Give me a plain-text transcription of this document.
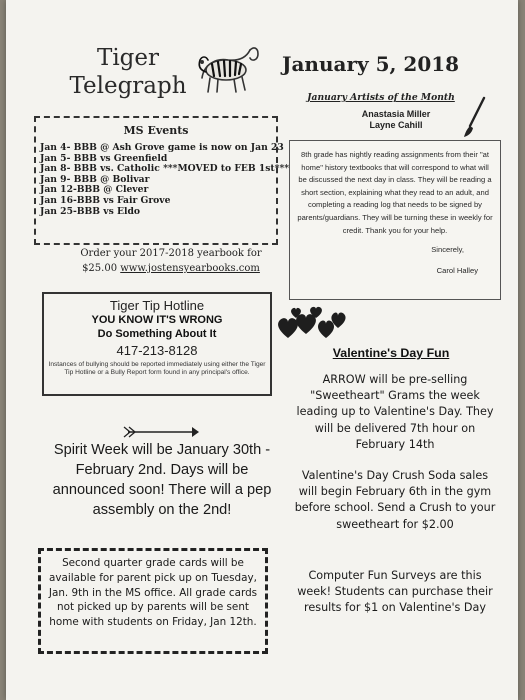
Tiger
Telegraph
January 5, 2018
January Artists of the Month
Anastasia Miller
Layne Cahill
MS Events
Jan 4- BBB @ Ash Grove game is now on Jan 23
Jan 5- BBB vs Greenfield
Jan 8- BBB vs. Catholic ***MOVED to FEB 1st***
Jan 9- BBB @ Bolivar
Jan 12-BBB @ Clever
Jan 16-BBB vs Fair Grove
Jan 25-BBB vs Eldo
Order your 2017-2018 yearbook for
$25.00 www.jostensyearbooks.com
Tiger Tip Hotline
YOU KNOW IT'S WRONG
Do Something About It
417-213-8128
Instances of bullying should be reported immediately using either the Tiger Tip Hotline or a Bully Report form found in any principal's office.
Spirit Week will be January 30th - February 2nd. Days will be announced soon! There will a pep assembly on the 2nd!
Second quarter grade cards will be available for parent pick up on Tuesday, Jan. 9th in the MS office. All grade cards not picked up by parents will be sent home with students on Friday, Jan 12th.
8th grade has nightly reading assignments from their "at home" history textbooks that will correspond to what will be discussed the next day in class. They will be reading a short section, explaining what they read to an adult, and completing a reading log that needs to be signed by parents/guardians. They will be turning these in weekly for credit. Thank you for your help.
Sincerely,
Carol Halley
Valentine's Day Fun
ARROW will be pre-selling "Sweetheart" Grams the week leading up to Valentine's Day. They will be delivered 7th hour on February 14th
Valentine's Day Crush Soda sales will begin February 6th in the gym before school. Send a Crush to your sweetheart for $2.00
Computer Fun Surveys are this week! Students can purchase their results for $1 on Valentine's Day
